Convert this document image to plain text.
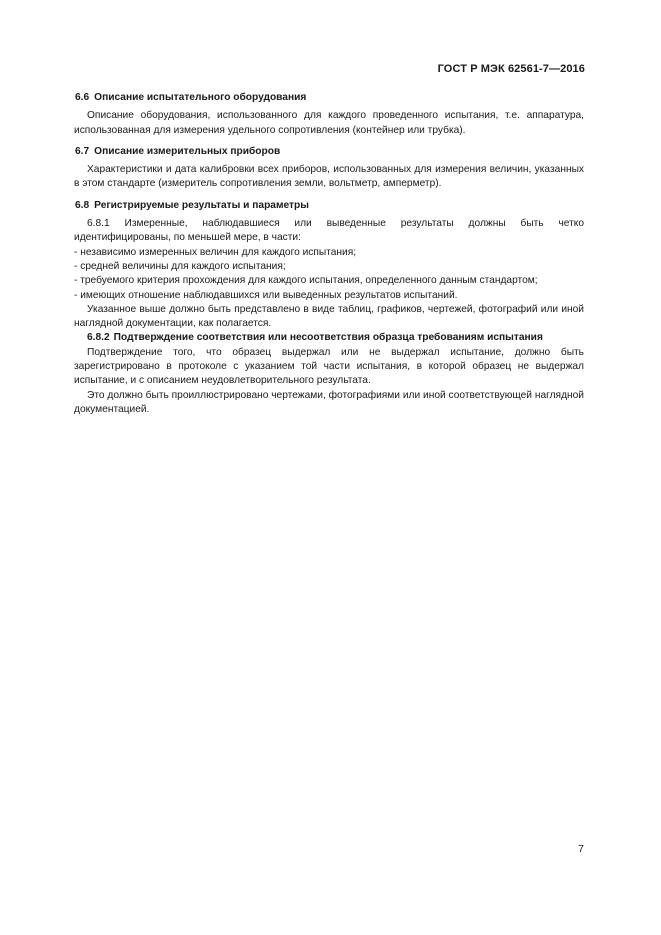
ГОСТ Р МЭК 62561-7—2016

6.6 Описание испытательного оборудования

Описание оборудования, использованного для каждого проведенного испытания, т.е. аппаратура, использованная для измерения удельного сопротивления (контейнер или трубка).

6.7 Описание измерительных приборов

Характеристики и дата калибровки всех приборов, использованных для измерения величин, указанных в этом стандарте (измеритель сопротивления земли, вольтметр, амперметр).

6.8 Регистрируемые результаты и параметры

6.8.1 Измеренные, наблюдавшиеся или выведенные результаты должны быть четко идентифицированы, по меньшей мере, в части:

- независимо измеренных величин для каждого испытания;

- средней величины для каждого испытания;

- требуемого критерия прохождения для каждого испытания, определенного данным стандартом;

- имеющих отношение наблюдавшихся или выведенных результатов испытаний.

Указанное выше должно быть представлено в виде таблиц, графиков, чертежей, фотографий или иной наглядной документации, как полагается.

6.8.2 Подтверждение соответствия или несоответствия образца требованиям испытания

Подтверждение того, что образец выдержал или не выдержал испытание, должно быть зарегистрировано в протоколе с указанием той части испытания, в которой образец не выдержал испытание, и с описанием неудовлетворительного результата.

Это должно быть проиллюстрировано чертежами, фотографиями или иной соответствующей наглядной документацией.

7
